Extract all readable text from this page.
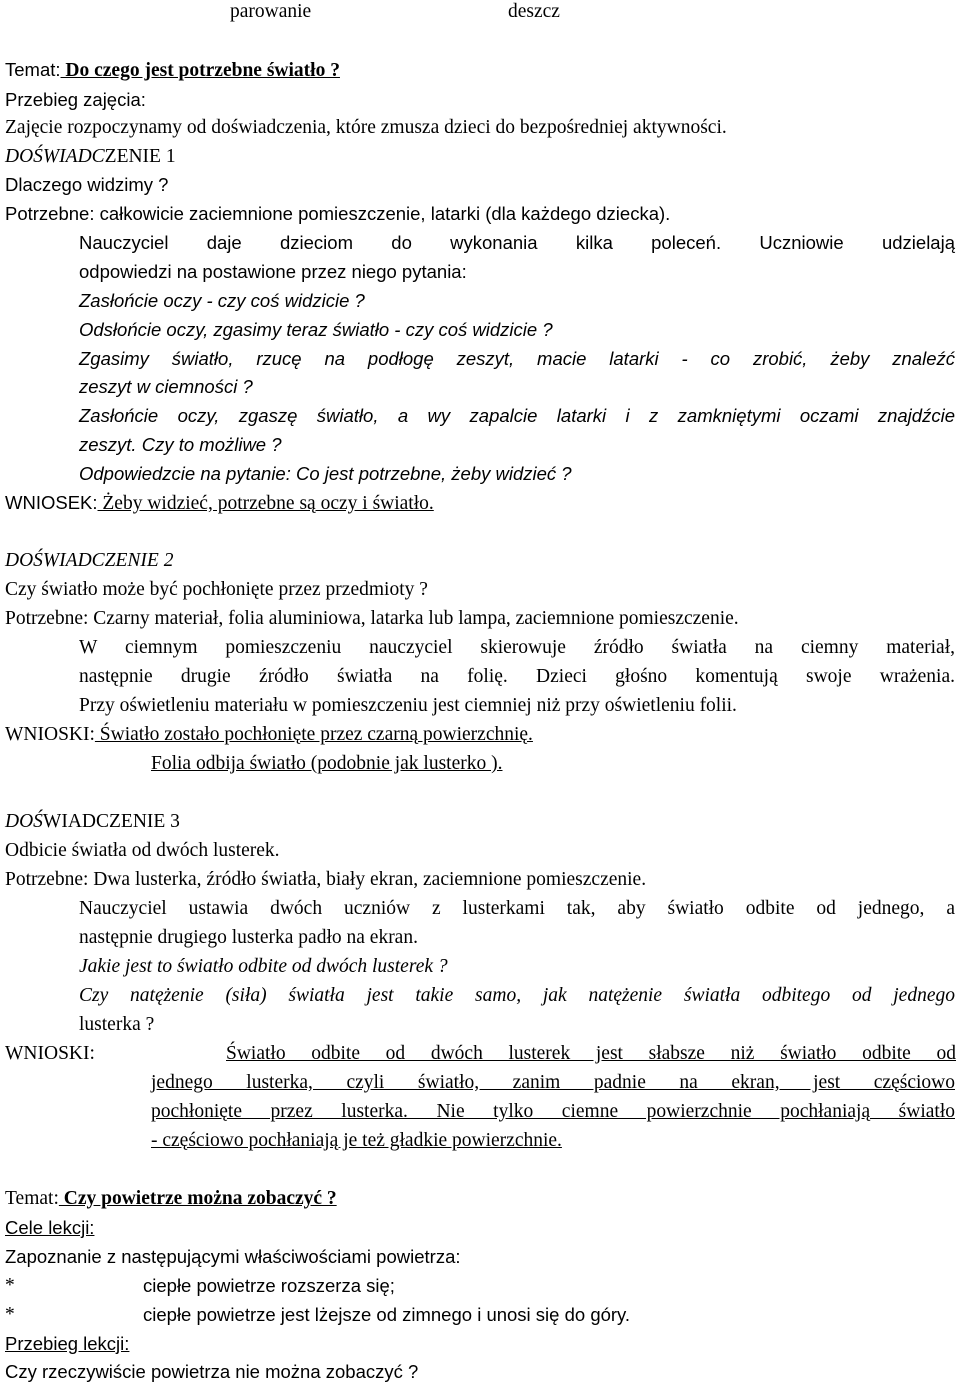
parowanie	deszcz
Temat: Do czego jest potrzebne światło ?
Przebieg zajęcia:
Zajęcie rozpoczynamy od doświadczenia, które zmusza dzieci do bezpośredniej aktywności.
DOŚWIADCZENIE 1
Dlaczego widzimy ?
Potrzebne: całkowicie zaciemnione pomieszczenie, latarki (dla każdego dziecka).
Nauczyciel daje dzieciom do wykonania kilka poleceń. Uczniowie udzielają
odpowiedzi na postawione przez niego pytania:
Zasłońcie oczy - czy coś widzicie ?
Odsłońcie oczy, zgasimy teraz światło - czy coś widzicie ?
Zgasimy światło, rzucę na podłogę zeszyt, macie latarki - co zrobić, żeby znaleźć
zeszyt w ciemności ?
Zasłońcie oczy, zgaszę światło, a wy zapalcie latarki i z zamkniętymi oczami znajdźcie
zeszyt. Czy to możliwe ?
Odpowiedzcie na pytanie: Co jest potrzebne, żeby widzieć ?
WNIOSEK: Żeby widzieć, potrzebne są oczy i światło.
DOŚWIADCZENIE 2
Czy światło może być pochłonięte przez przedmioty ?
Potrzebne: Czarny materiał, folia aluminiowa, latarka lub lampa, zaciemnione pomieszczenie.
W ciemnym pomieszczeniu nauczyciel skierowuje źródło światła na ciemny materiał,
następnie drugie źródło światła na folię. Dzieci głośno komentują swoje wrażenia.
Przy oświetleniu materiału w pomieszczeniu jest ciemniej niż przy oświetleniu folii.
WNIOSKI: Światło zostało pochłonięte przez czarną powierzchnię.
Folia odbija światło (podobnie jak lusterko ).
DOŚWIADCZENIE 3
Odbicie światła od dwóch lusterek.
Potrzebne: Dwa lusterka, źródło światła, biały ekran, zaciemnione pomieszczenie.
Nauczyciel ustawia dwóch uczniów z lusterkami tak, aby światło odbite od jednego, a
następnie drugiego lusterka padło na ekran.
Jakie jest to światło odbite od dwóch lusterek ?
Czy natężenie (siła) światła jest takie samo, jak natężenie światła odbitego od jednego
lusterka ?
WNIOSKI:	Światło odbite od dwóch lusterek jest słabsze niż światło odbite od
jednego lusterka, czyli światło, zanim padnie na ekran, jest częściowo
pochłonięte przez lusterka. Nie tylko ciemne powierzchnie pochłaniają światło
- częściowo pochłaniają je też gładkie powierzchnie.
Temat: Czy powietrze można zobaczyć ?
Cele lekcji:
Zapoznanie z następującymi właściwościami powietrza:
*	ciepłe powietrze rozszerza się;
*	ciepłe powietrze jest lżejsze od zimnego i unosi się do góry.
Przebieg lekcji:
Czy rzeczywiście powietrza nie można zobaczyć ?
